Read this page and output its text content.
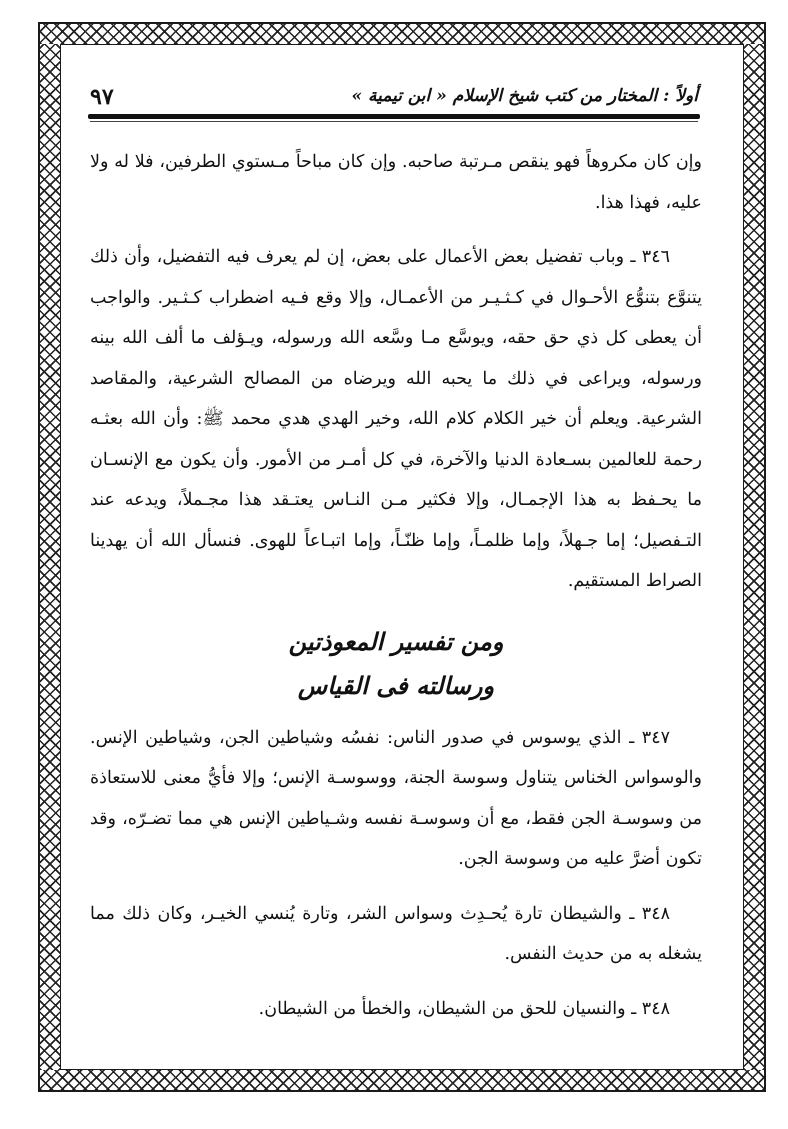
٩٧	أولاً : المختار من كتب شيخ الإسلام « ابن تيمية »

وإن كان مكروهاً فهو ينقص مـرتبة صاحبه. وإن كان مباحاً مـستوي الطرفين، فلا له ولا عليه، فهذا هذا.

٣٤٦ ـ وباب تفضيل بعض الأعمال على بعض، إن لم يعرف فيه التفضيل، وأن ذلك يتنوَّع بتنوُّع الأحـوال في كـثـيـر من الأعمـال، وإلا وقع فـيه اضطراب كـثـير. والواجب أن يعطى كل ذي حق حقه، ويوسَّع مـا وسَّعه الله ورسوله، ويـؤلف ما ألف الله بينه ورسوله، ويراعى في ذلك ما يحبه الله ويرضاه من المصالح الشرعية، والمقاصد الشرعية. ويعلم أن خير الكلام كلام الله، وخير الهدي هدي محمد ﷺ: وأن الله بعثـه رحمة للعالمين بسـعادة الدنيا والآخرة، في كل أمـر من الأمور. وأن يكون مع الإنسـان ما يحـفظ به هذا الإجمـال، وإلا فكثير مـن النـاس يعتـقد هذا مجـملاً، ويدعه عند التـفصيل؛ إما جـهلاً، وإما ظلمـاً، وإما ظنّـاً، وإما اتبـاعاً للهوى. فنسأل الله أن يهدينا الصراط المستقيم.

ومن تفسير المعوذتين

ورسالته فى القياس

٣٤٧ ـ الذي يوسوس في صدور الناس: نفسُه وشياطين الجن، وشياطين الإنس. والوسواس الخناس يتناول وسوسة الجنة، ووسوسـة الإنس؛ وإلا فأيُّ معنى للاستعاذة من وسوسـة الجن فقط، مع أن وسوسـة نفسه وشـياطين الإنس هي مما تضـرّه، وقد تكون أضرَّ عليه من وسوسة الجن.

٣٤٨ ـ والشيطان تارة يُحـدِث وسواس الشر، وتارة يُنسي الخيـر، وكان ذلك مما يشغله به من حديث النفس.

٣٤٨ ـ والنسيان للحق من الشيطان، والخطأ من الشيطان.
